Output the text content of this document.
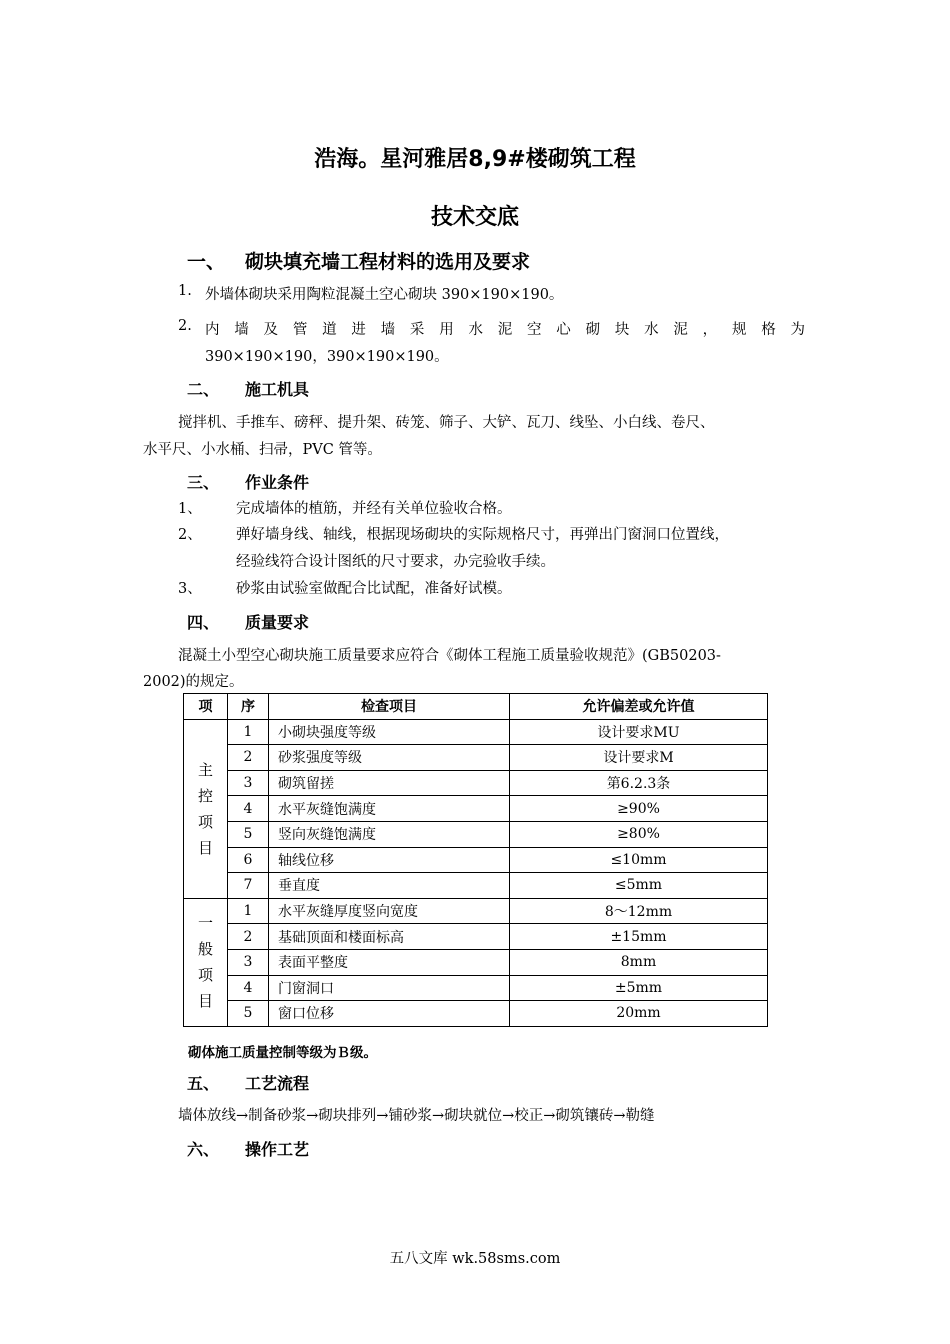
浩海。星河雅居8,9#楼砌筑工程
技术交底
一、 砌块填充墙工程材料的选用及要求
1. 外墙体砌块采用陶粒混凝土空心砌块 390×190×190。
2. 内 墙 及 管 道 进 墙 采 用 水 泥 空 心 砌 块 水 泥 ， 规 格 为
390×190×190，390×190×190。
二、 施工机具
搅拌机、手推车、磅秤、提升架、砖笼、筛子、大铲、瓦刀、线坠、小白线、卷尺、
水平尺、小水桶、扫帚，PVC 管等。
三、 作业条件
1、 完成墙体的植筋，并经有关单位验收合格。
2、 弹好墙身线、轴线，根据现场砌块的实际规格尺寸，再弹出门窗洞口位置线，
经验线符合设计图纸的尺寸要求，办完验收手续。
3、 砂浆由试验室做配合比试配，准备好试模。
四、 质量要求
混凝土小型空心砌块施工质量要求应符合《砌体工程施工质量验收规范》(GB50203-
2002)的规定。
项	序	检查项目	允许偏差或允许值

主
控
项
目	1	小砌块强度等级	设计要求MU
	2	砂浆强度等级	设计要求M
	3	砌筑留搓	第6.2.3条
	4	水平灰缝饱满度	≥90%
	5	竖向灰缝饱满度	≥80%
	6	轴线位移	≤10mm
	7	垂直度	≤5mm

一
般
项
目	1	水平灰缝厚度竖向宽度	8～12mm
	2	基础顶面和楼面标高	±15mm
	3	表面平整度	8mm
	4	门窗洞口	±5mm
	5	窗口位移	20mm
砌体施工质量控制等级为Ｂ级。
五、 工艺流程
墙体放线→制备砂浆→砌块排列→铺砂浆→砌块就位→校正→砌筑镶砖→勒缝
六、 操作工艺
五八文库 wk.58sms.com
